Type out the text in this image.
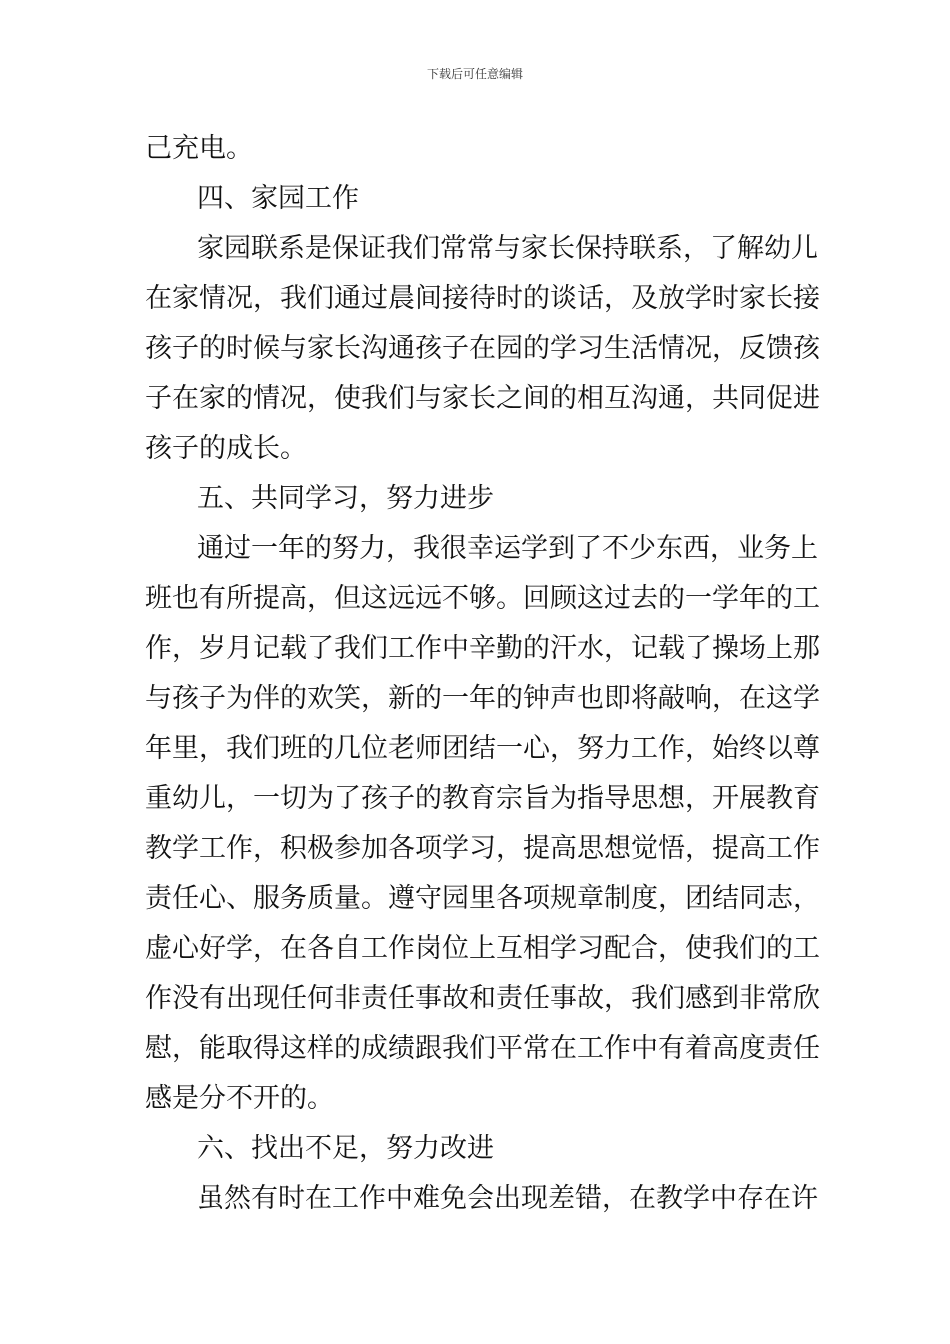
下载后可任意编辑
己充电。
四、家园工作
家园联系是保证我们常常与家长保持联系，了解幼儿
在家情况，我们通过晨间接待时的谈话，及放学时家长接
孩子的时候与家长沟通孩子在园的学习生活情况，反馈孩
子在家的情况，使我们与家长之间的相互沟通，共同促进
孩子的成长。
五、共同学习，努力进步
通过一年的努力，我很幸运学到了不少东西，业务上
班也有所提高，但这远远不够。回顾这过去的一学年的工
作，岁月记载了我们工作中辛勤的汗水，记载了操场上那
与孩子为伴的欢笑，新的一年的钟声也即将敲响，在这学
年里，我们班的几位老师团结一心，努力工作，始终以尊
重幼儿，一切为了孩子的教育宗旨为指导思想，开展教育
教学工作，积极参加各项学习，提高思想觉悟，提高工作
责任心、服务质量。遵守园里各项规章制度，团结同志，
虚心好学，在各自工作岗位上互相学习配合，使我们的工
作没有出现任何非责任事故和责任事故，我们感到非常欣
慰，能取得这样的成绩跟我们平常在工作中有着高度责任
感是分不开的。
六、找出不足，努力改进
虽然有时在工作中难免会出现差错，在教学中存在许
